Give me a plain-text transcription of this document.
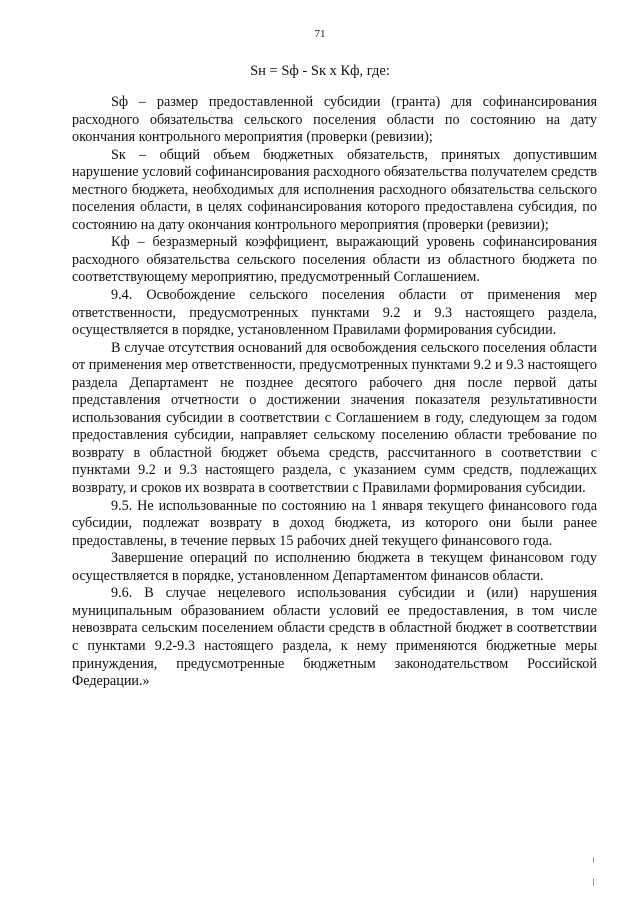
71
Sн = Sф - Sк х Кф, где:

Sф – размер предоставленной субсидии (гранта) для софинансирования расходного обязательства сельского поселения области по состоянию на дату окончания контрольного мероприятия (проверки (ревизии);

Sк – общий объем бюджетных обязательств, принятых допустившим нарушение условий софинансирования расходного обязательства получателем средств местного бюджета, необходимых для исполнения расходного обязательства сельского поселения области, в целях софинансирования которого предоставлена субсидия, по состоянию на дату окончания контрольного мероприятия (проверки (ревизии);

Кф – безразмерный коэффициент, выражающий уровень софинансирования расходного обязательства сельского поселения области из областного бюджета по соответствующему мероприятию, предусмотренный Соглашением.

9.4. Освобождение сельского поселения области от применения мер ответственности, предусмотренных пунктами 9.2 и 9.3 настоящего раздела, осуществляется в порядке, установленном Правилами формирования субсидии.

В случае отсутствия оснований для освобождения сельского поселения области от применения мер ответственности, предусмотренных пунктами 9.2 и 9.3 настоящего раздела Департамент не позднее десятого рабочего дня после первой даты представления отчетности о достижении значения показателя результативности использования субсидии в соответствии с Соглашением в году, следующем за годом предоставления субсидии, направляет сельскому поселению области требование по возврату в областной бюджет объема средств, рассчитанного в соответствии с пунктами 9.2 и 9.3 настоящего раздела, с указанием сумм средств, подлежащих возврату, и сроков их возврата в соответствии с Правилами формирования субсидии.

9.5. Не использованные по состоянию на 1 января текущего финансового года субсидии, подлежат возврату в доход бюджета, из которого они были ранее предоставлены, в течение первых 15 рабочих дней текущего финансового года.

Завершение операций по исполнению бюджета в текущем финансовом году осуществляется в порядке, установленном Департаментом финансов области.

9.6. В случае нецелевого использования субсидии и (или) нарушения муниципальным образованием области условий ее предоставления, в том числе невозврата сельским поселением области средств в областной бюджет в соответствии с пунктами 9.2-9.3 настоящего раздела, к нему применяются бюджетные меры принуждения, предусмотренные бюджетным законодательством Российской Федерации.»
